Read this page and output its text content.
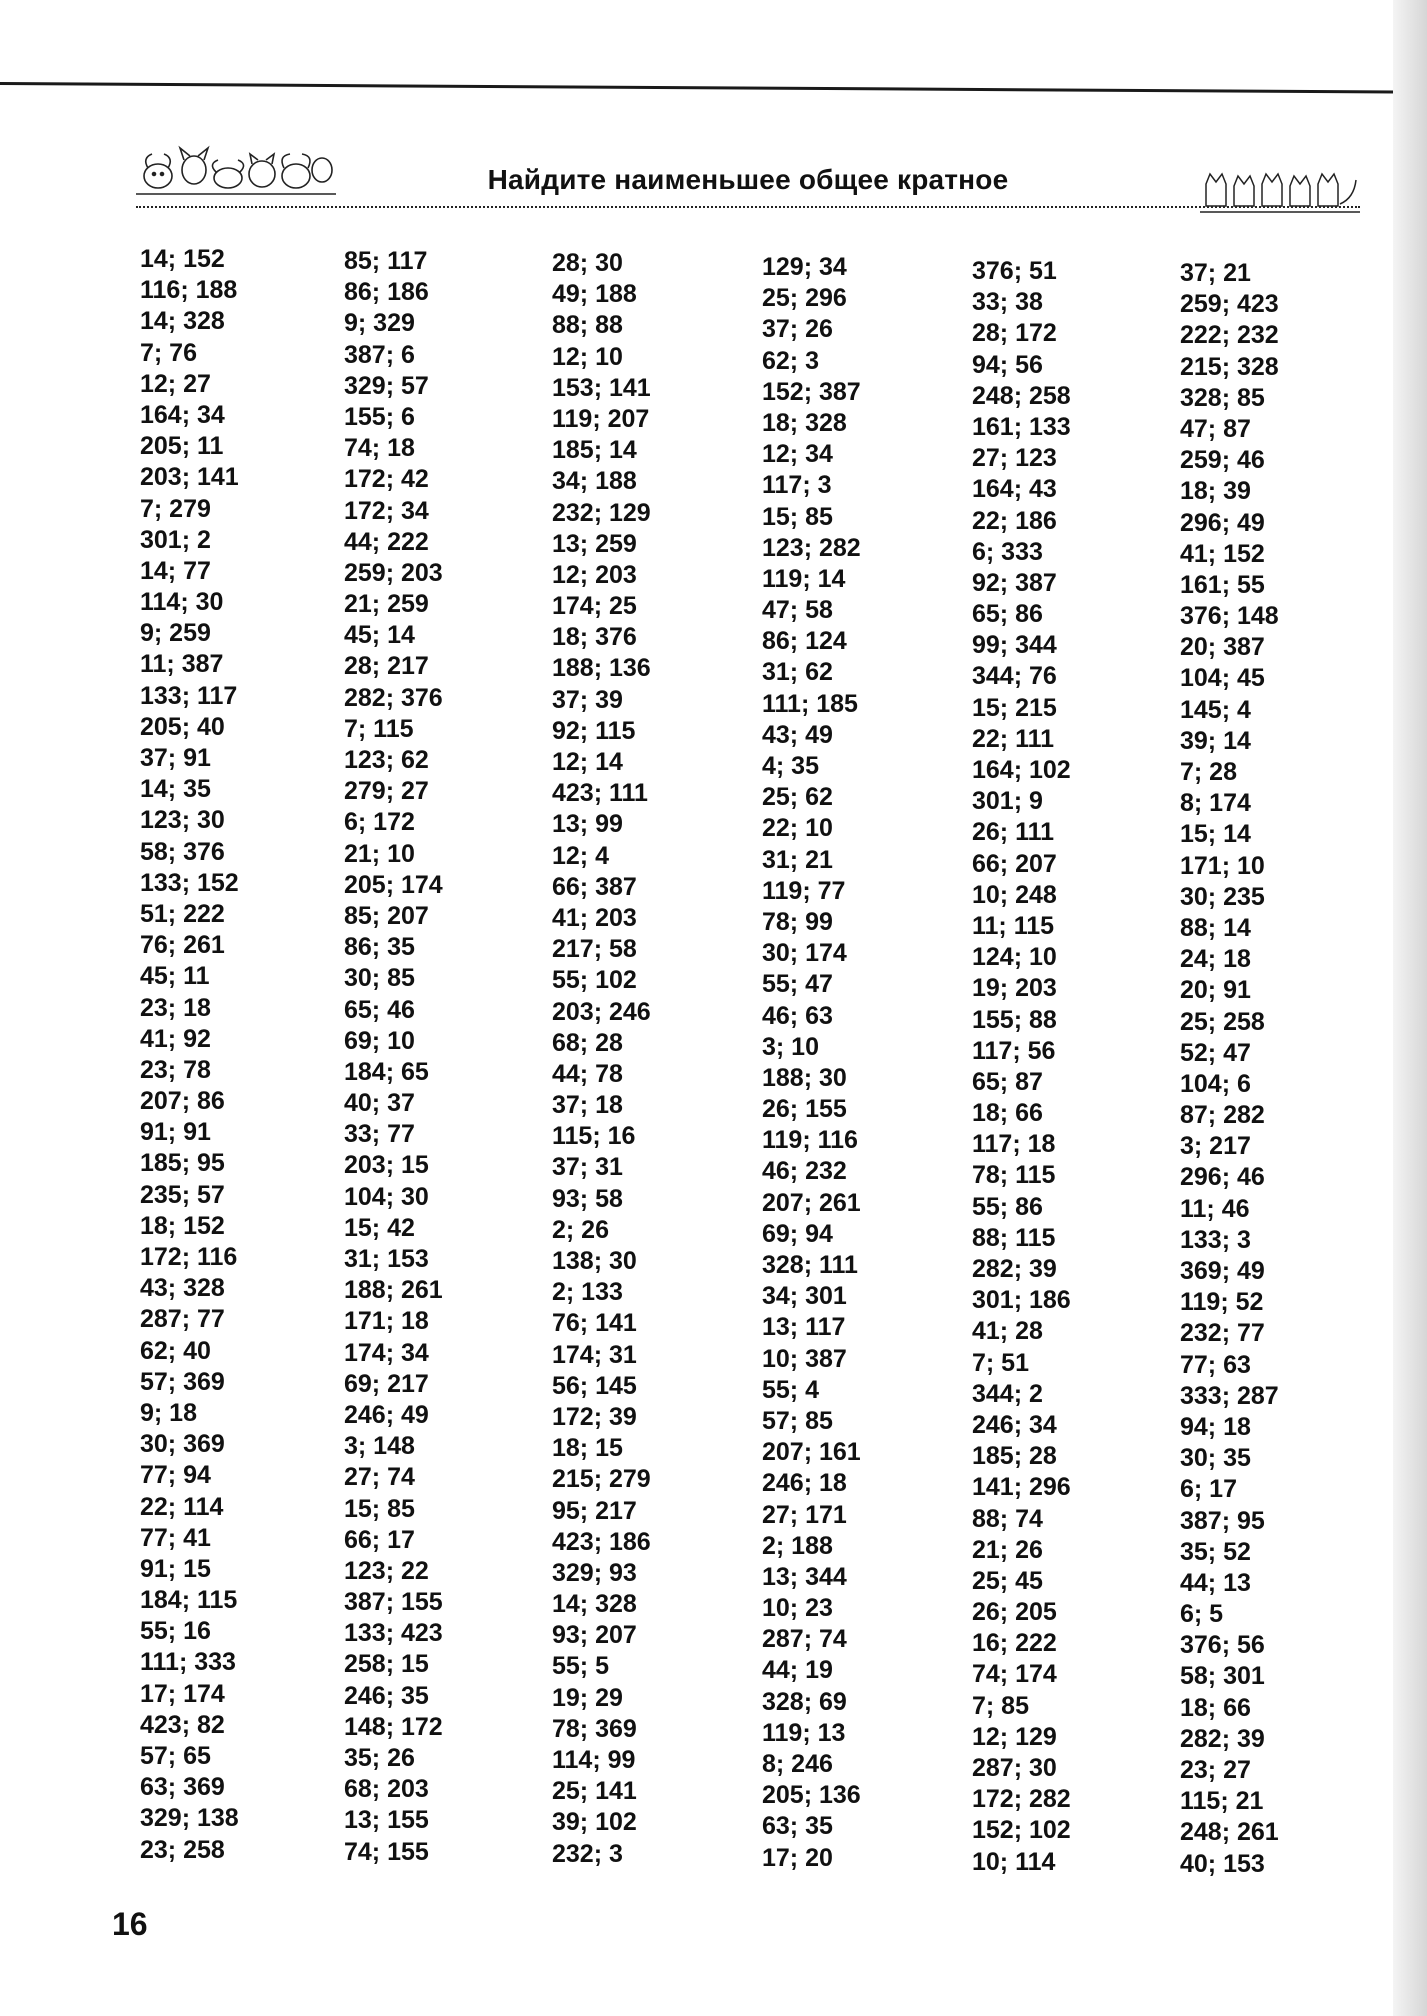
Найдите наименьшее общее кратное
14; 152
116; 188
14; 328
7; 76
12; 27
164; 34
205; 11
203; 141
7; 279
301; 2
14; 77
114; 30
9; 259
11; 387
133; 117
205; 40
37; 91
14; 35
123; 30
58; 376
133; 152
51; 222
76; 261
45; 11
23; 18
41; 92
23; 78
207; 86
91; 91
185; 95
235; 57
18; 152
172; 116
43; 328
287; 77
62; 40
57; 369
9; 18
30; 369
77; 94
22; 114
77; 41
91; 15
184; 115
55; 16
111; 333
17; 174
423; 82
57; 65
63; 369
329; 138
23; 258
85; 117
86; 186
9; 329
387; 6
329; 57
155; 6
74; 18
172; 42
172; 34
44; 222
259; 203
21; 259
45; 14
28; 217
282; 376
7; 115
123; 62
279; 27
6; 172
21; 10
205; 174
85; 207
86; 35
30; 85
65; 46
69; 10
184; 65
40; 37
33; 77
203; 15
104; 30
15; 42
31; 153
188; 261
171; 18
174; 34
69; 217
246; 49
3; 148
27; 74
15; 85
66; 17
123; 22
387; 155
133; 423
258; 15
246; 35
148; 172
35; 26
68; 203
13; 155
74; 155
28; 30
49; 188
88; 88
12; 10
153; 141
119; 207
185; 14
34; 188
232; 129
13; 259
12; 203
174; 25
18; 376
188; 136
37; 39
92; 115
12; 14
423; 111
13; 99
12; 4
66; 387
41; 203
217; 58
55; 102
203; 246
68; 28
44; 78
37; 18
115; 16
37; 31
93; 58
2; 26
138; 30
2; 133
76; 141
174; 31
56; 145
172; 39
18; 15
215; 279
95; 217
423; 186
329; 93
14; 328
93; 207
55; 5
19; 29
78; 369
114; 99
25; 141
39; 102
232; 3
129; 34
25; 296
37; 26
62; 3
152; 387
18; 328
12; 34
117; 3
15; 85
123; 282
119; 14
47; 58
86; 124
31; 62
111; 185
43; 49
4; 35
25; 62
22; 10
31; 21
119; 77
78; 99
30; 174
55; 47
46; 63
3; 10
188; 30
26; 155
119; 116
46; 232
207; 261
69; 94
328; 111
34; 301
13; 117
10; 387
55; 4
57; 85
207; 161
246; 18
27; 171
2; 188
13; 344
10; 23
287; 74
44; 19
328; 69
119; 13
8; 246
205; 136
63; 35
17; 20
376; 51
33; 38
28; 172
94; 56
248; 258
161; 133
27; 123
164; 43
22; 186
6; 333
92; 387
65; 86
99; 344
344; 76
15; 215
22; 111
164; 102
301; 9
26; 111
66; 207
10; 248
11; 115
124; 10
19; 203
155; 88
117; 56
65; 87
18; 66
117; 18
78; 115
55; 86
88; 115
282; 39
301; 186
41; 28
7; 51
344; 2
246; 34
185; 28
141; 296
88; 74
21; 26
25; 45
26; 205
16; 222
74; 174
7; 85
12; 129
287; 30
172; 282
152; 102
10; 114
37; 21
259; 423
222; 232
215; 328
328; 85
47; 87
259; 46
18; 39
296; 49
41; 152
161; 55
376; 148
20; 387
104; 45
145; 4
39; 14
7; 28
8; 174
15; 14
171; 10
30; 235
88; 14
24; 18
20; 91
25; 258
52; 47
104; 6
87; 282
3; 217
296; 46
11; 46
133; 3
369; 49
119; 52
232; 77
77; 63
333; 287
94; 18
30; 35
6; 17
387; 95
35; 52
44; 13
6; 5
376; 56
58; 301
18; 66
282; 39
23; 27
115; 21
248; 261
40; 153
16
